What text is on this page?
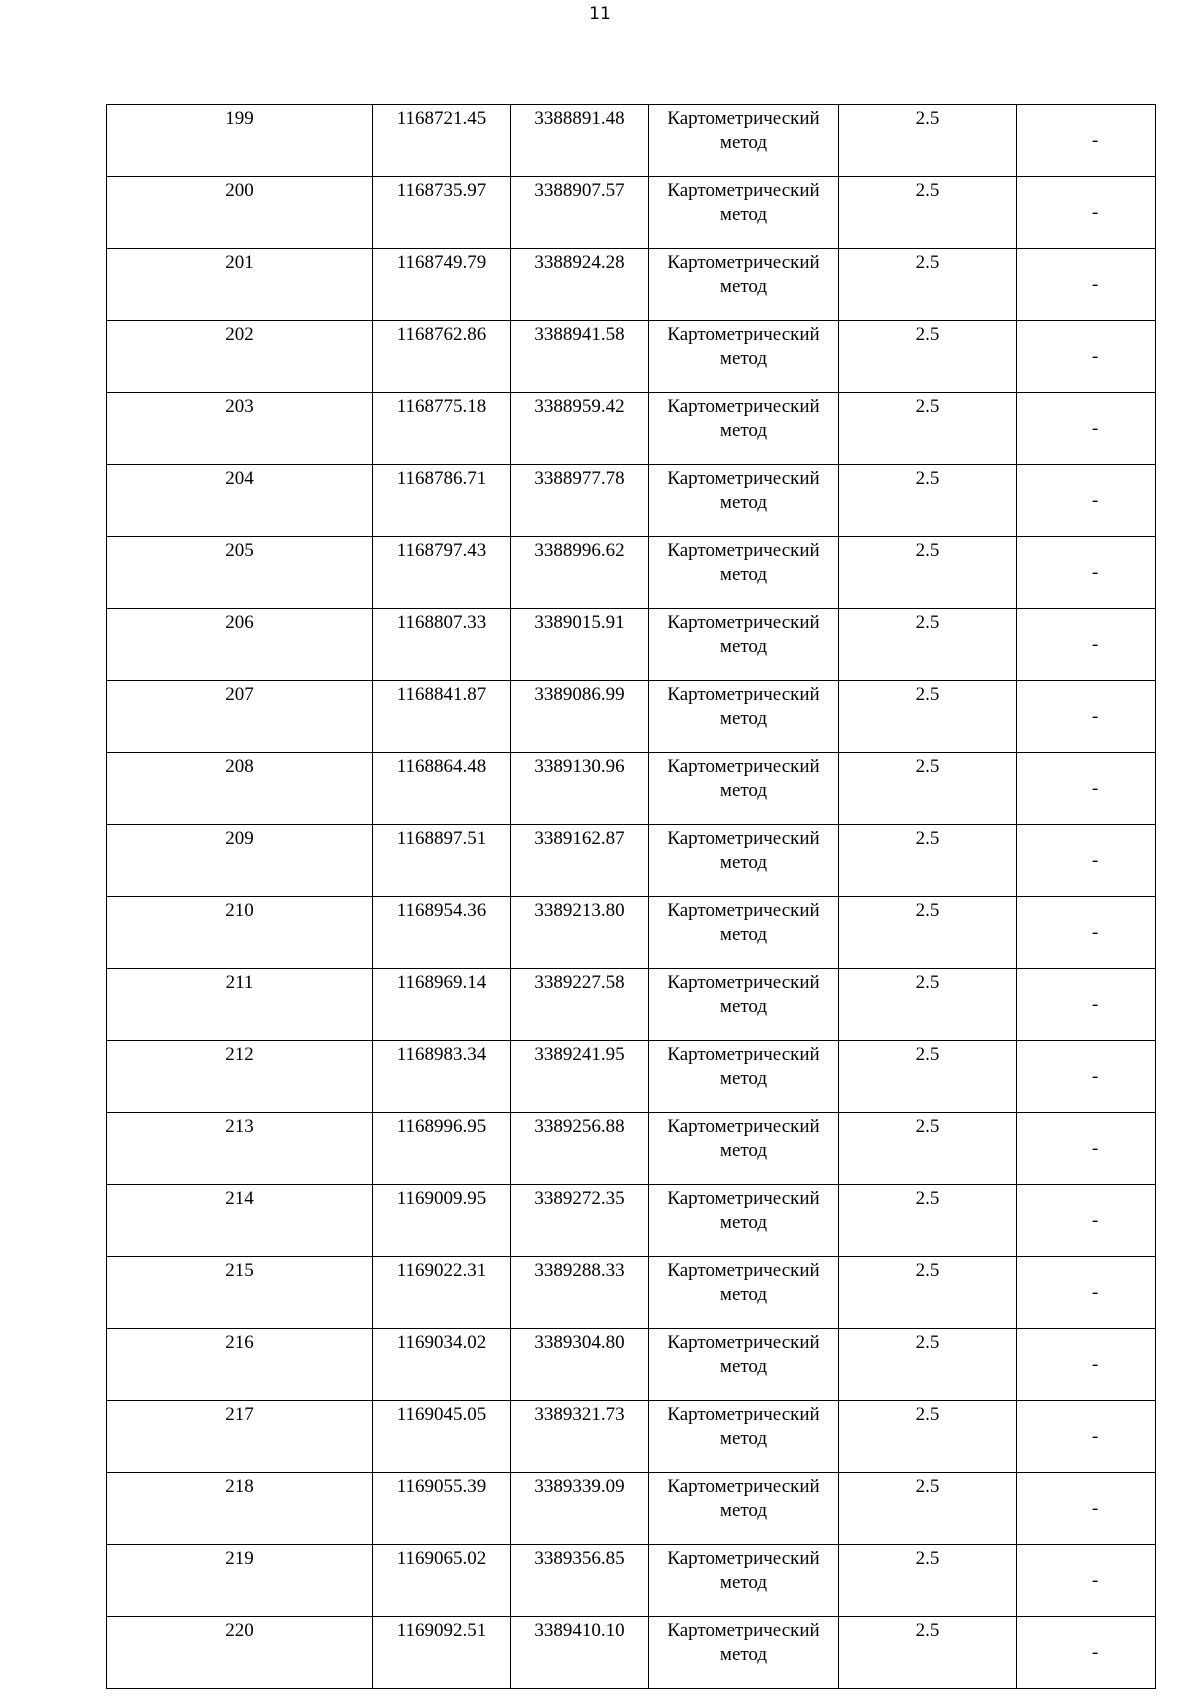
11
199	1168721.45	3388891.48	Картометрический
метод	2.5	-
200	1168735.97	3388907.57	Картометрический
метод	2.5	-
201	1168749.79	3388924.28	Картометрический
метод	2.5	-
202	1168762.86	3388941.58	Картометрический
метод	2.5	-
203	1168775.18	3388959.42	Картометрический
метод	2.5	-
204	1168786.71	3388977.78	Картометрический
метод	2.5	-
205	1168797.43	3388996.62	Картометрический
метод	2.5	-
206	1168807.33	3389015.91	Картометрический
метод	2.5	-
207	1168841.87	3389086.99	Картометрический
метод	2.5	-
208	1168864.48	3389130.96	Картометрический
метод	2.5	-
209	1168897.51	3389162.87	Картометрический
метод	2.5	-
210	1168954.36	3389213.80	Картометрический
метод	2.5	-
211	1168969.14	3389227.58	Картометрический
метод	2.5	-
212	1168983.34	3389241.95	Картометрический
метод	2.5	-
213	1168996.95	3389256.88	Картометрический
метод	2.5	-
214	1169009.95	3389272.35	Картометрический
метод	2.5	-
215	1169022.31	3389288.33	Картометрический
метод	2.5	-
216	1169034.02	3389304.80	Картометрический
метод	2.5	-
217	1169045.05	3389321.73	Картометрический
метод	2.5	-
218	1169055.39	3389339.09	Картометрический
метод	2.5	-
219	1169065.02	3389356.85	Картометрический
метод	2.5	-
220	1169092.51	3389410.10	Картометрический
метод	2.5	-
